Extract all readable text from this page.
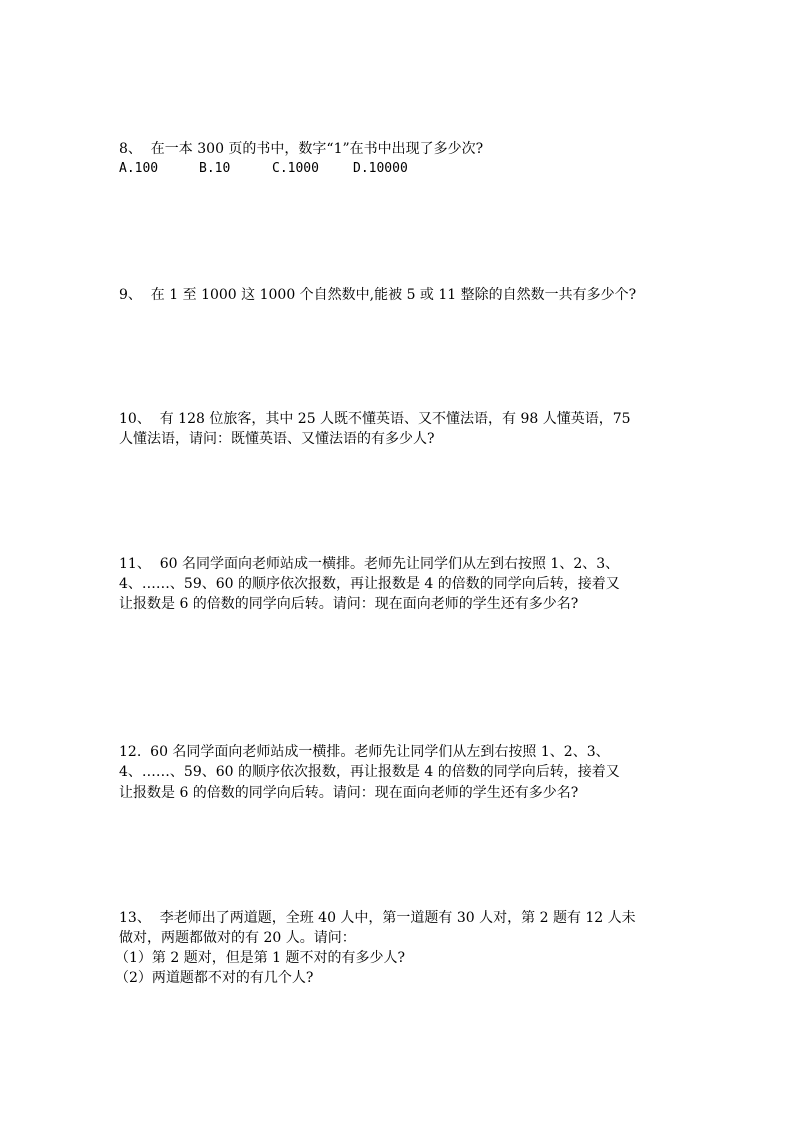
8、  在一本 300 页的书中，数字“1”在书中出现了多少次?
A.100	B.10	C.1000	D.10000
9、  在 1 至 1000 这 1000 个自然数中,能被 5 或 11 整除的自然数一共有多少个?
10、  有 128 位旅客，其中 25 人既不懂英语、又不懂法语，有 98 人懂英语，75
人懂法语，请问：既懂英语、又懂法语的有多少人?
11、  60 名同学面向老师站成一横排。老师先让同学们从左到右按照 1、2、3、
4、……、59、60 的顺序依次报数，再让报数是 4 的倍数的同学向后转，接着又
让报数是 6 的倍数的同学向后转。请问：现在面向老师的学生还有多少名?
12.  60 名同学面向老师站成一横排。老师先让同学们从左到右按照 1、2、3、
4、……、59、60 的顺序依次报数，再让报数是 4 的倍数的同学向后转，接着又
让报数是 6 的倍数的同学向后转。请问：现在面向老师的学生还有多少名?
13、  李老师出了两道题，全班 40 人中，第一道题有 30 人对，第 2 题有 12 人未
做对，两题都做对的有 20 人。请问：
（1）第 2 题对，但是第 1 题不对的有多少人?
（2）两道题都不对的有几个人?
